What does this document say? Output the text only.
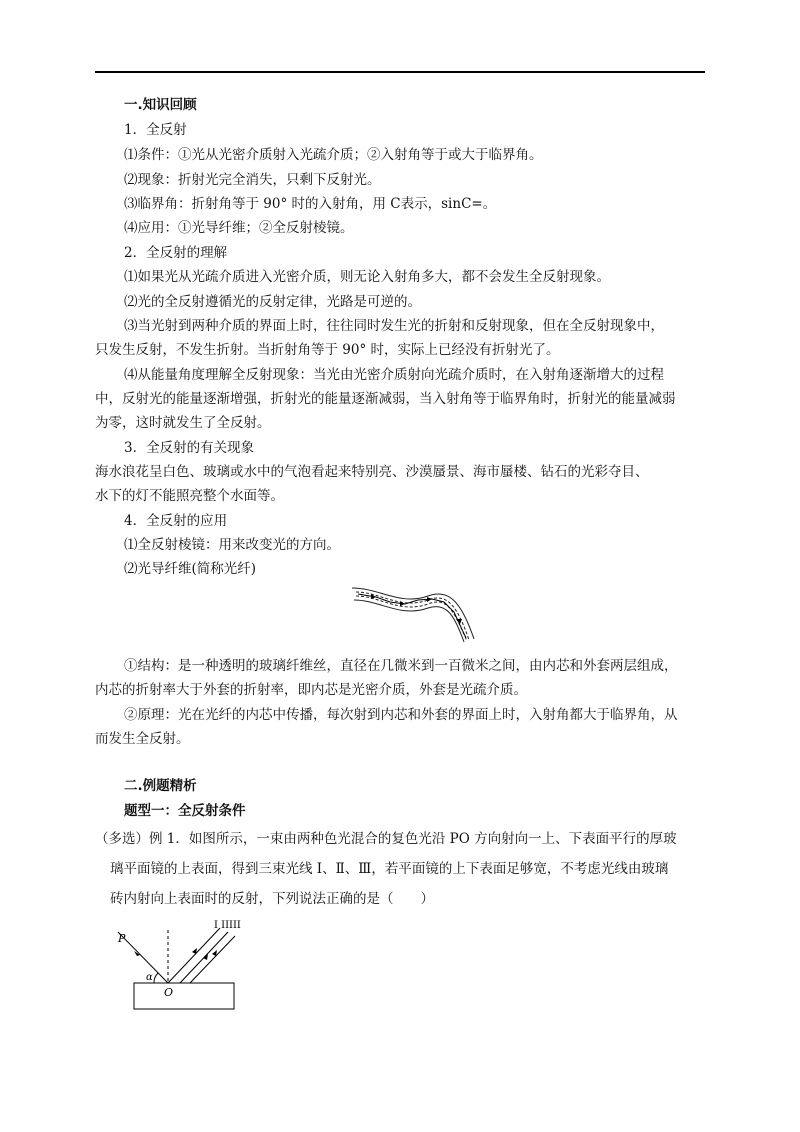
一.知识回顾
1．全反射
⑴条件：①光从光密介质射入光疏介质；②入射角等于或大于临界角。
⑵现象：折射光完全消失，只剩下反射光。
⑶临界角：折射角等于 90° 时的入射角，用 C表示，sinC=。
⑷应用：①光导纤维；②全反射棱镜。
2．全反射的理解
⑴如果光从光疏介质进入光密介质，则无论入射角多大，都不会发生全反射现象。
⑵光的全反射遵循光的反射定律，光路是可逆的。
⑶当光射到两种介质的界面上时，往往同时发生光的折射和反射现象，但在全反射现象中，
只发生反射，不发生折射。当折射角等于 90° 时，实际上已经没有折射光了。
⑷从能量角度理解全反射现象：当光由光密介质射向光疏介质时，在入射角逐渐增大的过程
中，反射光的能量逐渐增强，折射光的能量逐渐减弱，当入射角等于临界角时，折射光的能量减弱
为零，这时就发生了全反射。
3．全反射的有关现象
海水浪花呈白色、玻璃或水中的气泡看起来特别亮、沙漠蜃景、海市蜃楼、钻石的光彩夺目、
水下的灯不能照亮整个水面等。
4．全反射的应用
⑴全反射棱镜：用来改变光的方向。
⑵光导纤维(简称光纤)
①结构：是一种透明的玻璃纤维丝，直径在几微米到一百微米之间，由内芯和外套两层组成，
内芯的折射率大于外套的折射率，即内芯是光密介质，外套是光疏介质。
②原理：光在光纤的内芯中传播，每次射到内芯和外套的界面上时，入射角都大于临界角，从
而发生全反射。
二.例题精析
题型一：全反射条件
（多选）例 1．如图所示，一束由两种色光混合的复色光沿 PO 方向射向一上、下表面平行的厚玻
璃平面镜的上表面，得到三束光线 I、Ⅱ、Ⅲ，若平面镜的上下表面足够宽，不考虑光线由玻璃
砖内射向上表面时的反射，下列说法正确的是（　　）
P
α
O
I IIIII
